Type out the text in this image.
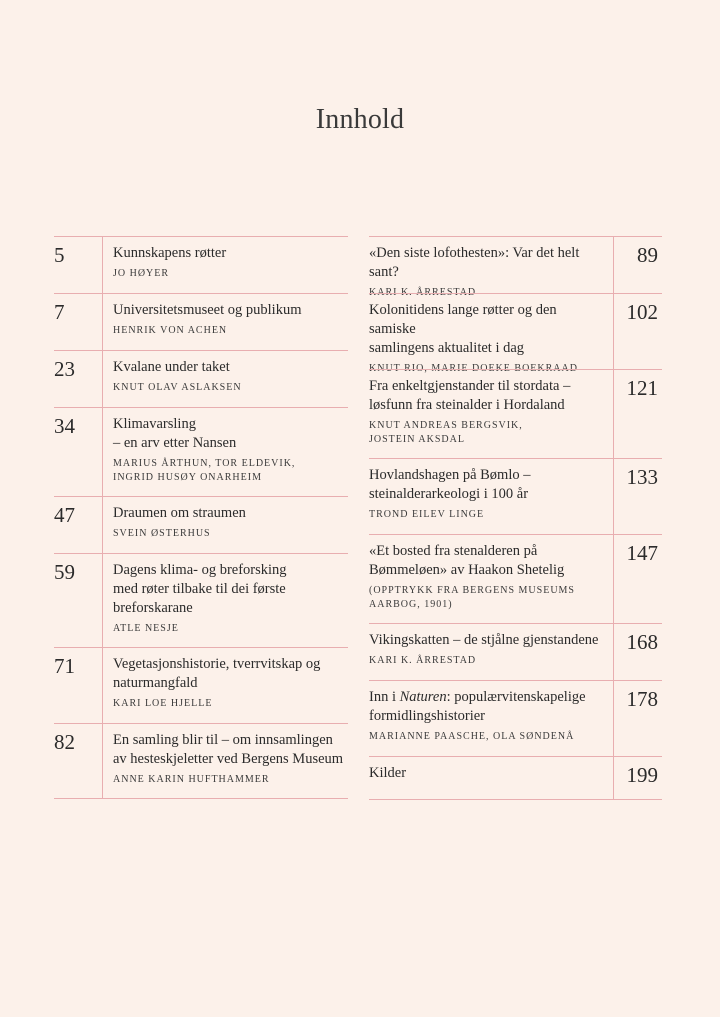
Innhold
5	Kunnskapens røtter
JO HØYER
7	Universitetsmuseet og publikum
HENRIK VON ACHEN
23	Kvalane under taket
KNUT OLAV ASLAKSEN
34	Klimavarsling
– en arv etter Nansen
MARIUS ÅRTHUN, TOR ELDEVIK,
INGRID HUSØY ONARHEIM
47	Draumen om straumen
SVEIN ØSTERHUS
59	Dagens klima- og breforsking
med røter tilbake til dei første
breforskarane
ATLE NESJE
71	Vegetasjonshistorie, tverrvitskap og
naturmangfald
KARI LOE HJELLE
82	En samling blir til – om innsamlingen
av hesteskjeletter ved Bergens Museum
ANNE KARIN HUFTHAMMER
«Den siste lofothesten»: Var det helt sant?
KARI K. ÅRRESTAD
89
Kolonitidens lange røtter og den samiske
samlingens aktualitet i dag
KNUT RIO, MARIE DOEKE BOEKRAAD
102
Fra enkeltgjenstander til stordata –
løsfunn fra steinalder i Hordaland
KNUT ANDREAS BERGSVIK,
JOSTEIN AKSDAL
121
Hovlandshagen på Bømlo –
steinalderarkeologi i 100 år
TROND EILEV LINGE
133
«Et bosted fra stenalderen på
Bømmeløen» av Haakon Shetelig
(OPPTRYKK FRA BERGENS MUSEUMS
AARBOG, 1901)
147
Vikingskatten – de stjålne gjenstandene
KARI K. ÅRRESTAD
168
Inn i Naturen: populærvitenskapelige
formidlingshistorier
MARIANNE PAASCHE, OLA SØNDENÅ
178
Kilder	199
